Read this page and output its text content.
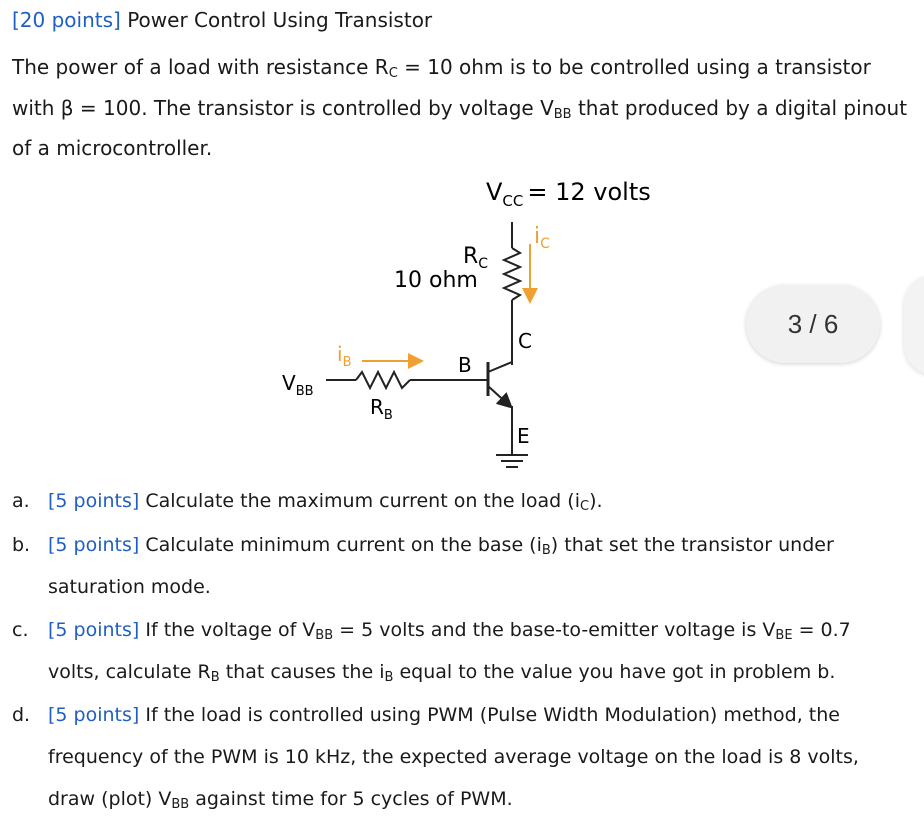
[20 points] Power Control Using Transistor
The power of a load with resistance $R_C = 10$ ohm is to be controlled using a transistor
with β = 100. The transistor is controlled by voltage $V_{BB}$ that produced by a digital pinout
of a microcontroller.
$V_{CC} = 12$ volts
$i_C$
$R_C$
10 ohm
C
B
E
$i_B$
$V_{BB}$
$R_B$
3 / 6
a. [5 points] Calculate the maximum current on the load $(i_C)$.
b. [5 points] Calculate minimum current on the base $(i_B)$ that set the transistor under
saturation mode.
c. [5 points] If the voltage of $V_{BB} = 5$ volts and the base-to-emitter voltage is $V_{BE} = 0.7$
volts, calculate $R_B$ that causes the $i_B$ equal to the value you have got in problem b.
d. [5 points] If the load is controlled using PWM (Pulse Width Modulation) method, the
frequency of the PWM is 10 kHz, the expected average voltage on the load is 8 volts,
draw (plot) $V_{BB}$ against time for 5 cycles of PWM.
